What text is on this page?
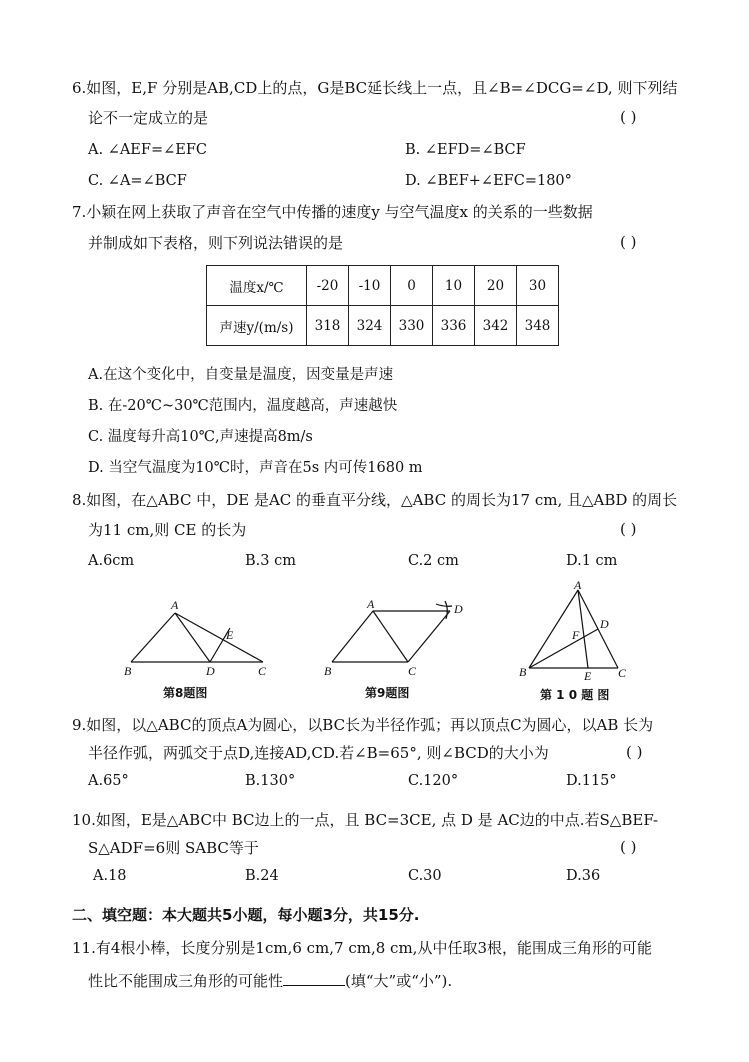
6.如图，E,F 分别是AB,CD上的点，G是BC延长线上一点，且∠B=∠DCG=∠D, 则下列结
论不一定成立的是	( )
A. ∠AEF=∠EFC	B. ∠EFD=∠BCF
C. ∠A=∠BCF	D. ∠BEF+∠EFC=180°
7.小颖在网上获取了声音在空气中传播的速度y 与空气温度x 的关系的一些数据
并制成如下表格，则下列说法错误的是	( )
温度x/℃	-20	-10	0	10	20	30
声速y/(m/s)	318	324	330	336	342	348
A.在这个变化中，自变量是温度，因变量是声速
B. 在-20℃~30℃范围内，温度越高，声速越快
C. 温度每升高10℃,声速提高8m/s
D. 当空气温度为10℃时，声音在5s 内可传1680 m
8.如图，在△ABC 中，DE 是AC 的垂直平分线，△ABC 的周长为17 cm, 且△ABD 的周长
为11 cm,则 CE 的长为	( )
A.6cm	B.3 cm	C.2 cm	D.1 cm
A
B	C
D
E
第8题图
A
B	C
D
第9题图
A
B	C
D
E
F
第 1 0 题 图
9.如图，以△ABC的顶点A为圆心，以BC长为半径作弧；再以顶点C为圆心，以AB 长为
半径作弧，两弧交于点D,连接AD,CD.若∠B=65°, 则∠BCD的大小为	( )
A.65°	B.130°	C.120°	D.115°
10.如图，E是△ABC中 BC边上的一点，且 BC=3CE, 点 D 是 AC边的中点.若S△BEF-
S△ADF=6则 SABC等于	( )
A.18	B.24	C.30	D.36
二、填空题：本大题共5小题，每小题3分，共15分.
11.有4根小棒，长度分别是1cm,6 cm,7 cm,8 cm,从中任取3根，能围成三角形的可能
性比不能围成三角形的可能性	(填“大”或“小”).
